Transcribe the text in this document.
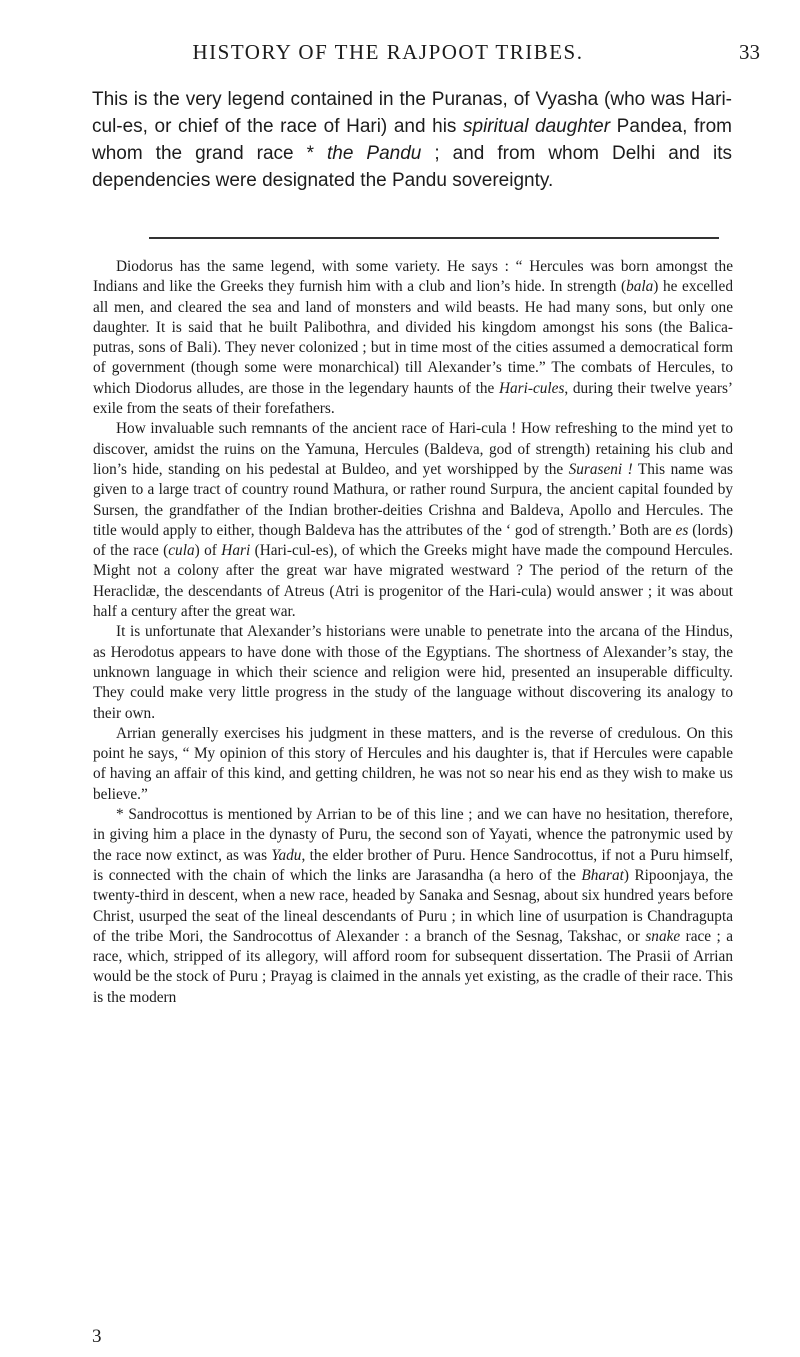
HISTORY OF THE RAJPOOT TRIBES.	33

This is the very legend contained in the Puranas, of Vyasha (who was Hari-cul-es, or chief of the race of Hari) and his spiritual daughter Pandea, from whom the grand race * the Pandu ; and from whom Delhi and its dependencies were designated the Pandu sovereignty.

Diodorus has the same legend, with some variety. He says : “ Hercules was born amongst the Indians and like the Greeks they furnish him with a club and lion’s hide. In strength (bala) he excelled all men, and cleared the sea and land of monsters and wild beasts. He had many sons, but only one daughter. It is said that he built Palibothra, and divided his kingdom amongst his sons (the Balica-putras, sons of Bali). They never colonized ; but in time most of the cities assumed a democratical form of government (though some were monarchical) till Alexander’s time.” The combats of Hercules, to which Diodorus alludes, are those in the legendary haunts of the Hari-cules, during their twelve years’ exile from the seats of their forefathers.

How invaluable such remnants of the ancient race of Hari-cula ! How refreshing to the mind yet to discover, amidst the ruins on the Yamuna, Hercules (Baldeva, god of strength) retaining his club and lion’s hide, standing on his pedestal at Buldeo, and yet worshipped by the Suraseni ! This name was given to a large tract of country round Mathura, or rather round Surpura, the ancient capital founded by Sursen, the grandfather of the Indian brother-deities Crishna and Baldeva, Apollo and Hercules. The title would apply to either, though Baldeva has the attributes of the ‘ god of strength.’ Both are es (lords) of the race (cula) of Hari (Hari-cul-es), of which the Greeks might have made the compound Hercules. Might not a colony after the great war have migrated westward ? The period of the return of the Heraclidæ, the descendants of Atreus (Atri is progenitor of the Hari-cula) would answer ; it was about half a century after the great war.

It is unfortunate that Alexander’s historians were unable to penetrate into the arcana of the Hindus, as Herodotus appears to have done with those of the Egyptians. The shortness of Alexander’s stay, the unknown language in which their science and religion were hid, presented an insuperable difficulty. They could make very little progress in the study of the language without discovering its analogy to their own.

Arrian generally exercises his judgment in these matters, and is the reverse of credulous. On this point he says, “ My opinion of this story of Hercules and his daughter is, that if Hercules were capable of having an affair of this kind, and getting children, he was not so near his end as they wish to make us believe.”

* Sandrocottus is mentioned by Arrian to be of this line ; and we can have no hesitation, therefore, in giving him a place in the dynasty of Puru, the second son of Yayati, whence the patronymic used by the race now extinct, as was Yadu, the elder brother of Puru. Hence Sandrocottus, if not a Puru himself, is connected with the chain of which the links are Jarasandha (a hero of the Bharat) Ripoonjaya, the twenty-third in descent, when a new race, headed by Sanaka and Sesnag, about six hundred years before Christ, usurped the seat of the lineal descendants of Puru ; in which line of usurpation is Chandragupta of the tribe Mori, the Sandrocottus of Alexander : a branch of the Sesnag, Takshac, or snake race ; a race, which, stripped of its allegory, will afford room for subsequent dissertation. The Prasii of Arrian would be the stock of Puru ; Prayag is claimed in the annals yet existing, as the cradle of their race. This is the modern

3
